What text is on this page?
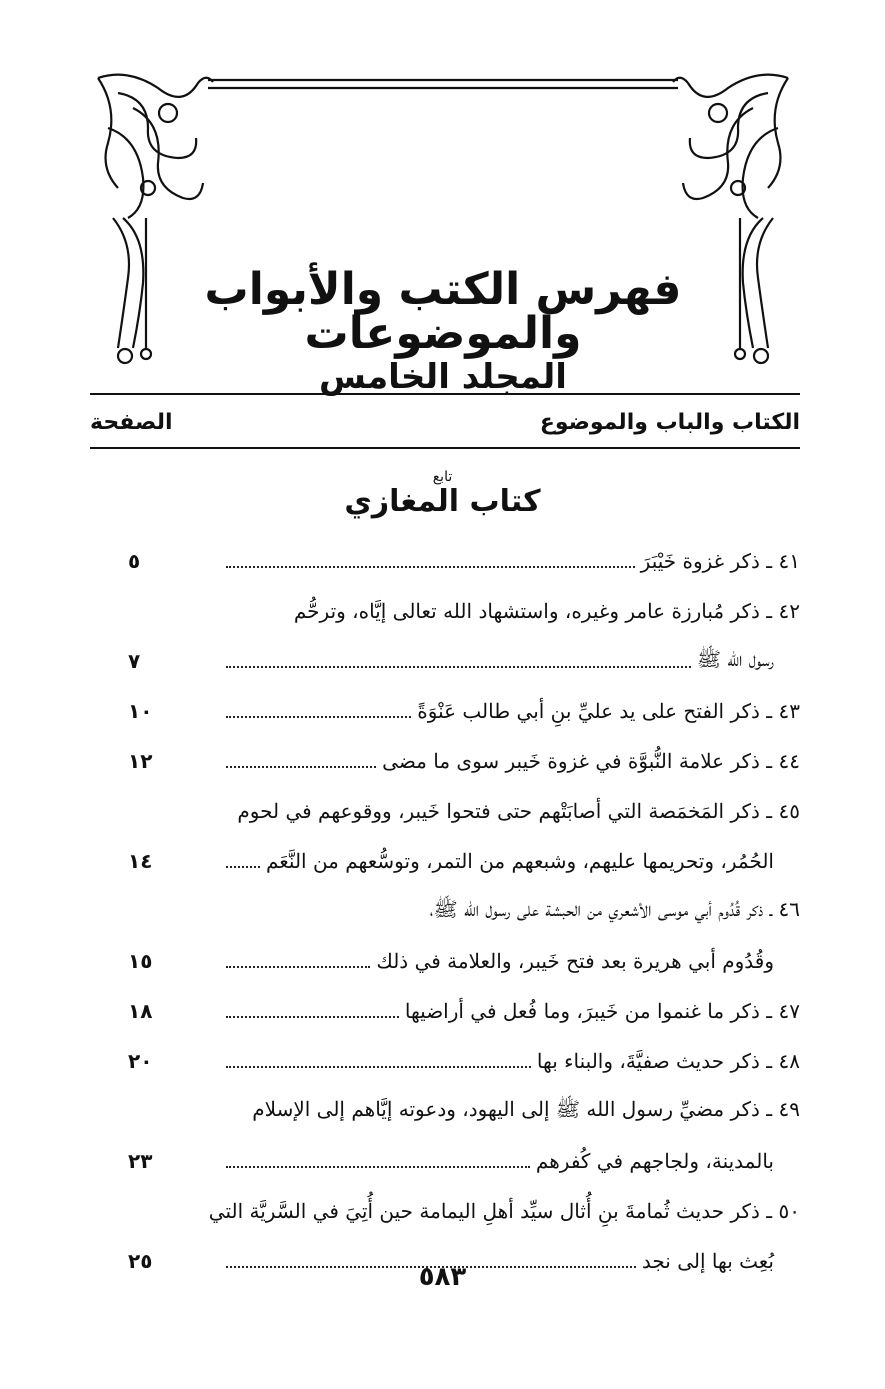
فهرس الكتب والأبواب والموضوعات
المجلد الخامس
الكتاب والباب والموضوع
الصفحة
تابع
كتاب المغازي
٤١ ـ ذكر غزوة خَيْبَرَ
٥
٤٢ ـ ذكر مُبارزة عامر وغيره، واستشهاد الله تعالى إيَّاه، وترحُّم
رسول الله ﷺ
٧
٤٣ ـ ذكر الفتح على يد عليِّ بنِ أبي طالب عَنْوَةً
١٠
٤٤ ـ ذكر علامة النُّبوَّة في غزوة خَيبر سوى ما مضى
١٢
٤٥ ـ ذكر المَخمَصة التي أصابَتْهم حتى فتحوا خَيبر، ووقوعهم في لحوم
الحُمُر، وتحريمها عليهم، وشبعهم من التمر، وتوسُّعهم من النَّعَم
١٤
٤٦ ـ ذكر قُدُوم أبي موسى الأشعري من الحبشة على رسول الله ﷺ،
وقُدُوم أبي هريرة بعد فتح خَيبر، والعلامة في ذلك
١٥
٤٧ ـ ذكر ما غنموا من خَيبرَ، وما فُعل في أراضيها
١٨
٤٨ ـ ذكر حديث صفيَّةَ، والبناء بها
٢٠
٤٩ ـ ذكر مضيِّ رسول الله ﷺ إلى اليهود، ودعوته إيَّاهم إلى الإسلام
بالمدينة، ولجاجهم في كُفرهم
٢٣
٥٠ ـ ذكر حديث ثُمامةَ بنِ أُثال سيِّد أهلِ اليمامة حين أُتِيَ في السَّريَّة التي
بُعِث بها إلى نجد
٢٥
٥٨٣
